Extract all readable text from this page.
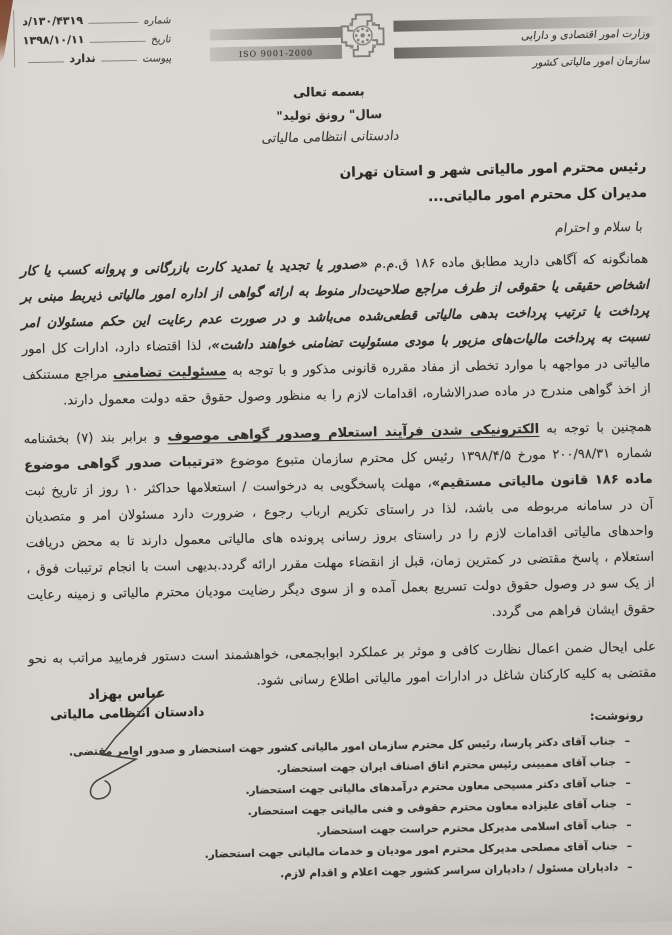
شماره
د/۱۳۰/۴۳۱۹
تاریخ
۱۳۹۸/۱۰/۱۱
پیوست
ندارد	ISO 9001-2000
وزارت امور اقتصادی و دارایی
سازمان امور مالیاتی کشور
بسمه تعالی
سال" رونق تولید"
دادستانی انتظامی مالیاتی
رئیس محترم امور مالیاتی شهر و استان تهران
مدیران کل محترم امور مالیاتی...
با سلام و احترام

همانگونه که آگاهی دارید مطابق ماده ۱۸۶ ق.م.م «صدور یا تجدید یا تمدید کارت بازرگانی و پروانه کسب یا کار اشخاص حقیقی یا حقوقی از طرف مراجع صلاحیت‌دار منوط به ارائه گواهی از اداره امور مالیاتی ذیربط مبنی بر پرداخت یا ترتیب پرداخت بدهی مالیاتی قطعی‌شده می‌باشد و در صورت عدم رعایت این حکم مسئولان امر نسبت به پرداخت مالیات‌های مزبور با مودی مسئولیت تضامنی خواهند داشت»، لذا اقتضاء دارد، ادارات کل امور مالیاتی در مواجهه با موارد تخطی از مفاد مقرره قانونی مذکور و با توجه به مسئولیت تضامنی مراجع مستنکف از اخذ گواهی مندرج در ماده صدرالاشاره، اقدامات لازم را به منظور وصول حقوق حقه دولت معمول دارند.

همچنین با توجه به الکترونیکی شدن فرآیند استعلام وصدور گواهی موصوف و برابر بند (۷) بخشنامه شماره ۲۰۰/۹۸/۳۱ مورخ ۱۳۹۸/۴/۵ رئیس کل محترم سازمان متبوع موضوع «ترتیبات صدور گواهی موضوع ماده ۱۸۶ قانون مالیاتی مستقیم»، مهلت پاسخگویی به درخواست / استعلامها حداکثر ۱۰ روز از تاریخ ثبت آن در سامانه مربوطه می باشد، لذا در راستای تکریم ارباب رجوع ، ضرورت دارد مسئولان امر و متصدیان واحدهای مالیاتی اقدامات لازم را در راستای بروز رسانی پرونده های مالیاتی معمول دارند تا به محض دریافت استعلام ، پاسخ مقتضی در کمترین زمان، قبل از انقضاء مهلت مقرر ارائه گردد.بدیهی است با انجام ترتیبات فوق ، از یک سو در وصول حقوق دولت تسریع بعمل آمده و از سوی دیگر رضایت مودیان محترم مالیاتی و زمینه رعایت حقوق ایشان فراهم می گردد.

علی ایحال ضمن اعمال نظارت کافی و موثر بر عملکرد ابوابجمعی، خواهشمند است دستور فرمایید مراتب به نحو مقتضی به کلیه کارکنان شاغل در ادارات امور مالیاتی اطلاع رسانی شود.

عباس بهزاد
دادستان انتظامی مالیاتی	رونوشت:
–جناب آقای دکتر پارسا، رئیس کل محترم سازمان امور مالیاتی کشور جهت استحضار و صدور اوامر مقتضی.
–جناب آقای ممبینی رئیس محترم اتاق اصناف ایران جهت استحضار.
–جناب آقای دکتر مسیحی معاون محترم درآمدهای مالیاتی جهت استحضار.
–جناب آقای علیزاده معاون محترم حقوقی و فنی مالیاتی جهت استحضار.
–جناب آقای اسلامی مدیرکل محترم حراست جهت استحضار.
–جناب آقای مصلحی مدیرکل محترم امور مودیان و خدمات مالیاتی جهت استحضار.
–دادیاران مسئول / دادیاران سراسر کشور جهت اعلام و اقدام لازم.
